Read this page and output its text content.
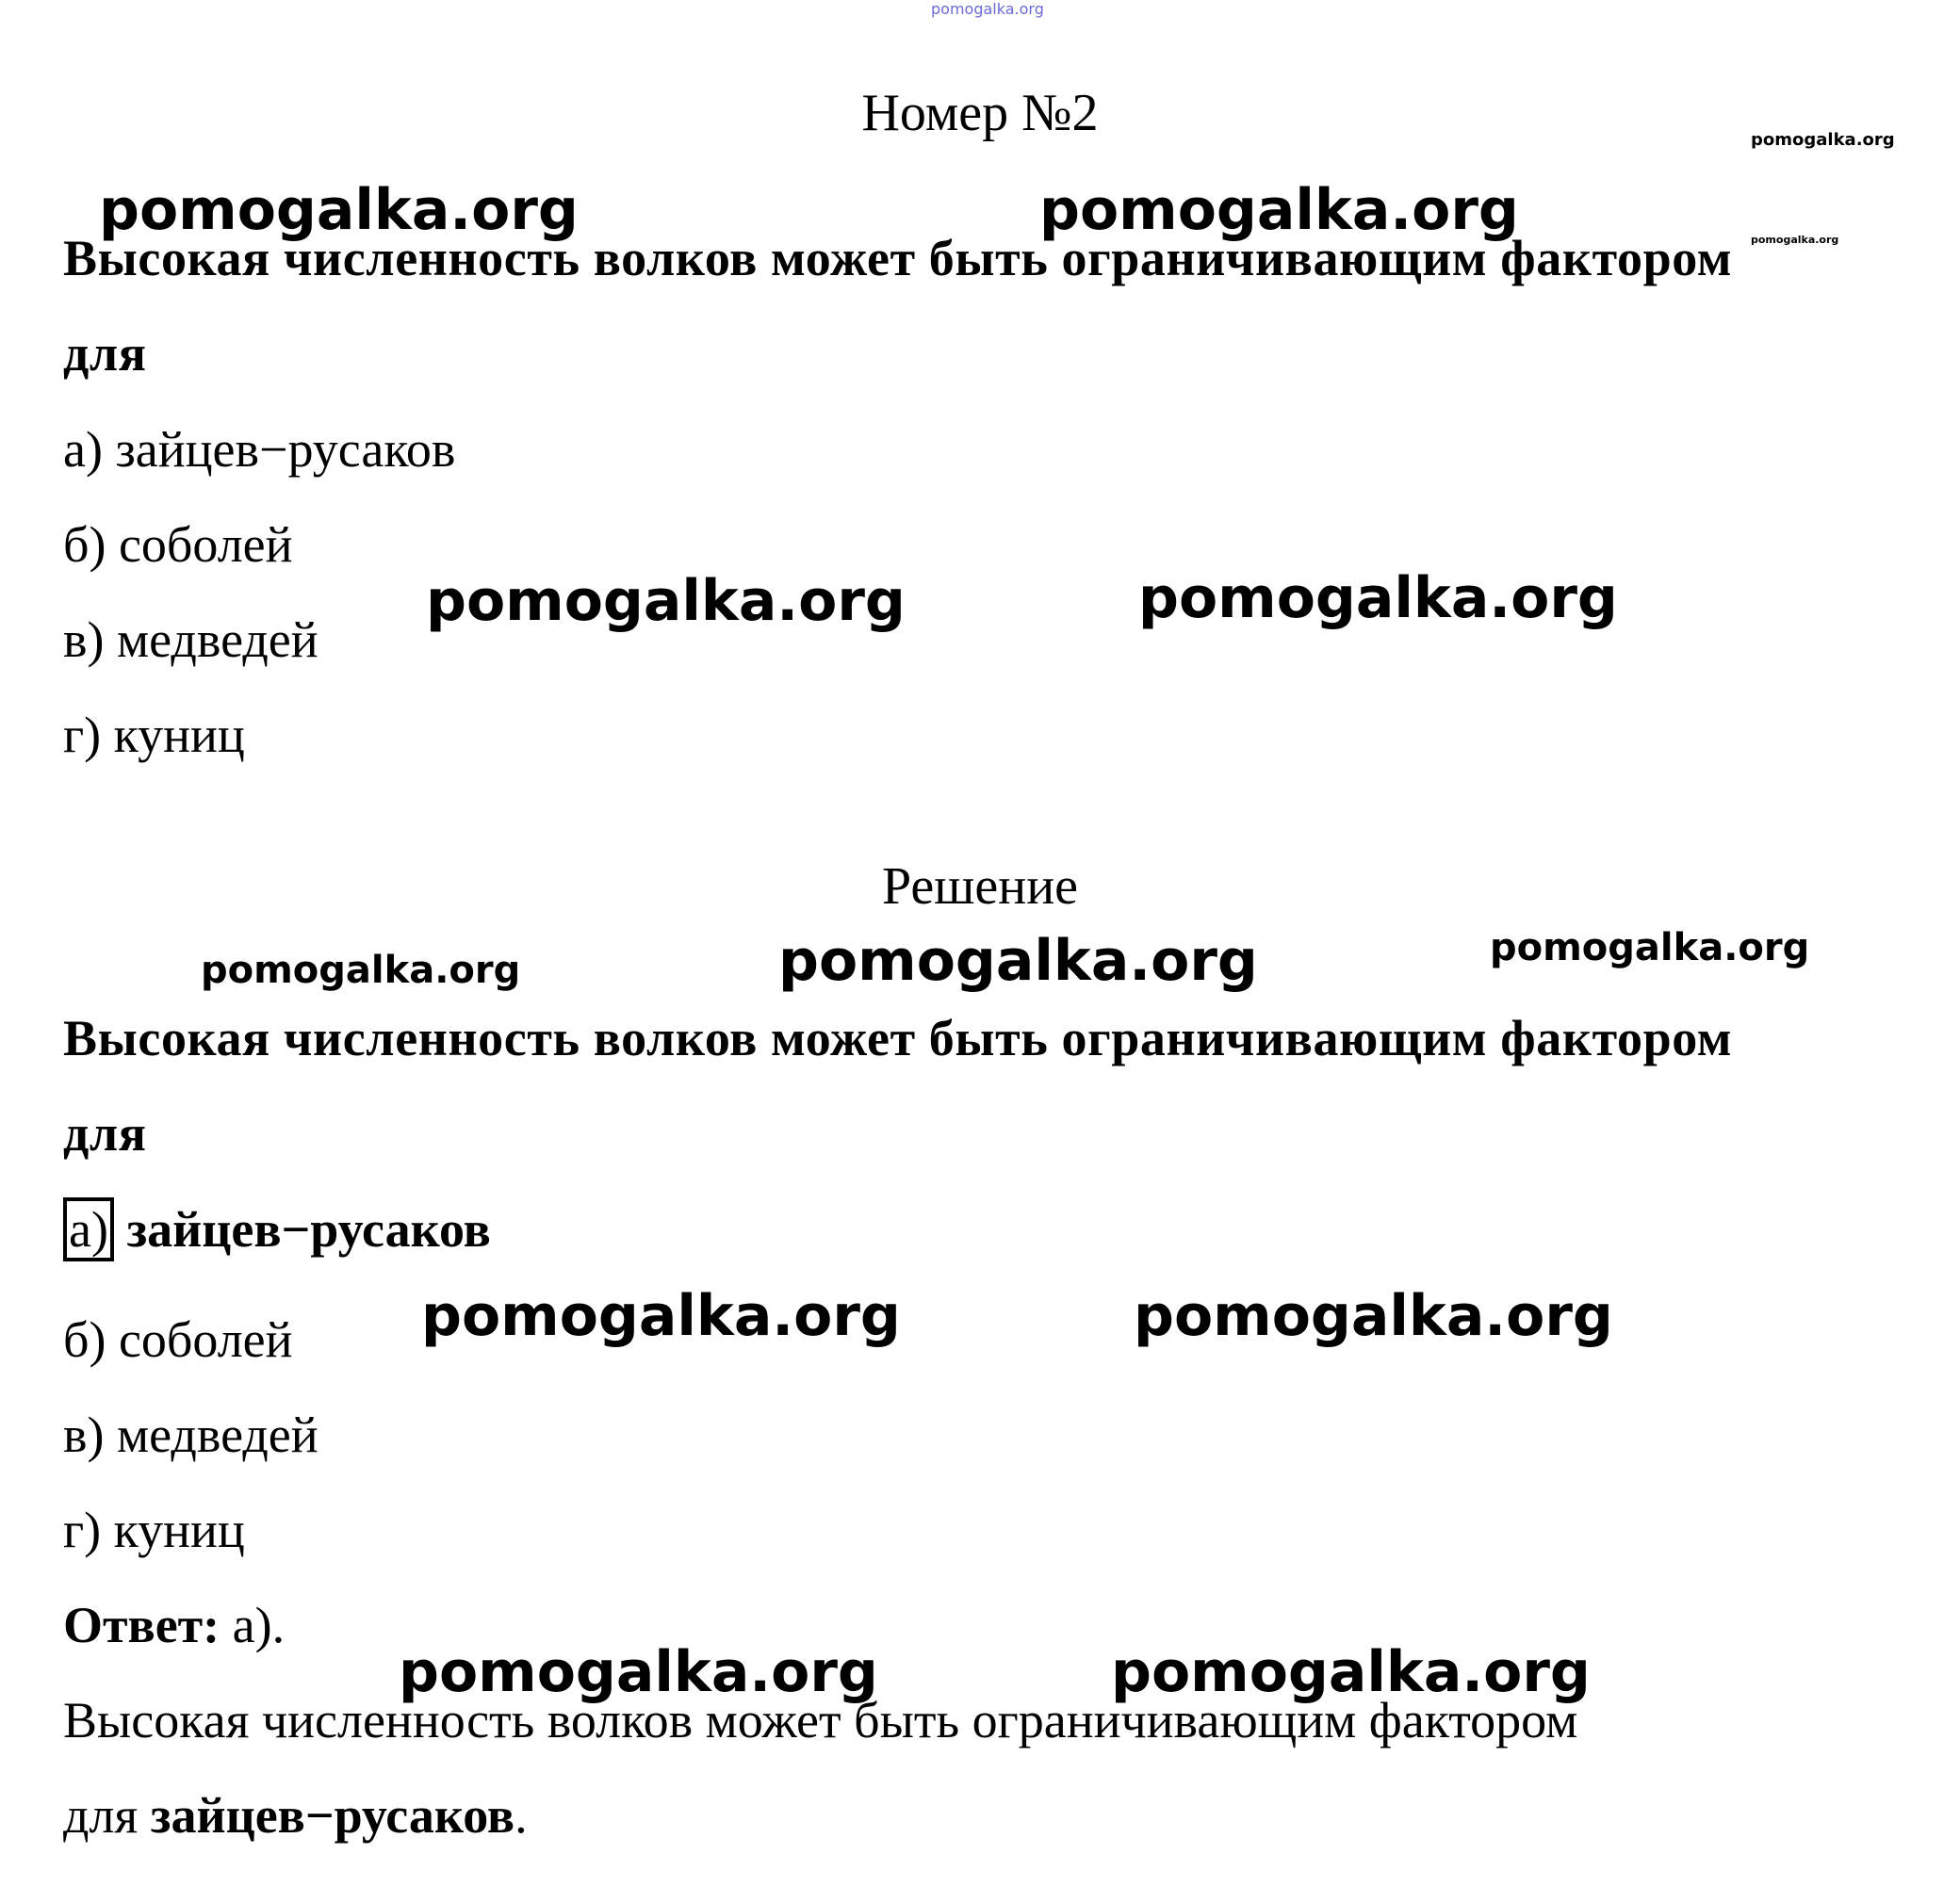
pomogalka.org
pomogalka.org
pomogalka.org
pomogalka.org	pomogalka.org
pomogalka.org	pomogalka.org
pomogalka.org	pomogalka.org	pomogalka.org
pomogalka.org	pomogalka.org
pomogalka.org	pomogalka.org
Номер №2
Высокая численность волков может быть ограничивающим фактором
для
а) зайцев−русаков
б) соболей
в) медведей
г) куниц
Решение
Высокая численность волков может быть ограничивающим фактором
для
а) зайцев−русаков
б) соболей
в) медведей
г) куниц
Ответ: а).
Высокая численность волков может быть ограничивающим фактором
для зайцев−русаков.
